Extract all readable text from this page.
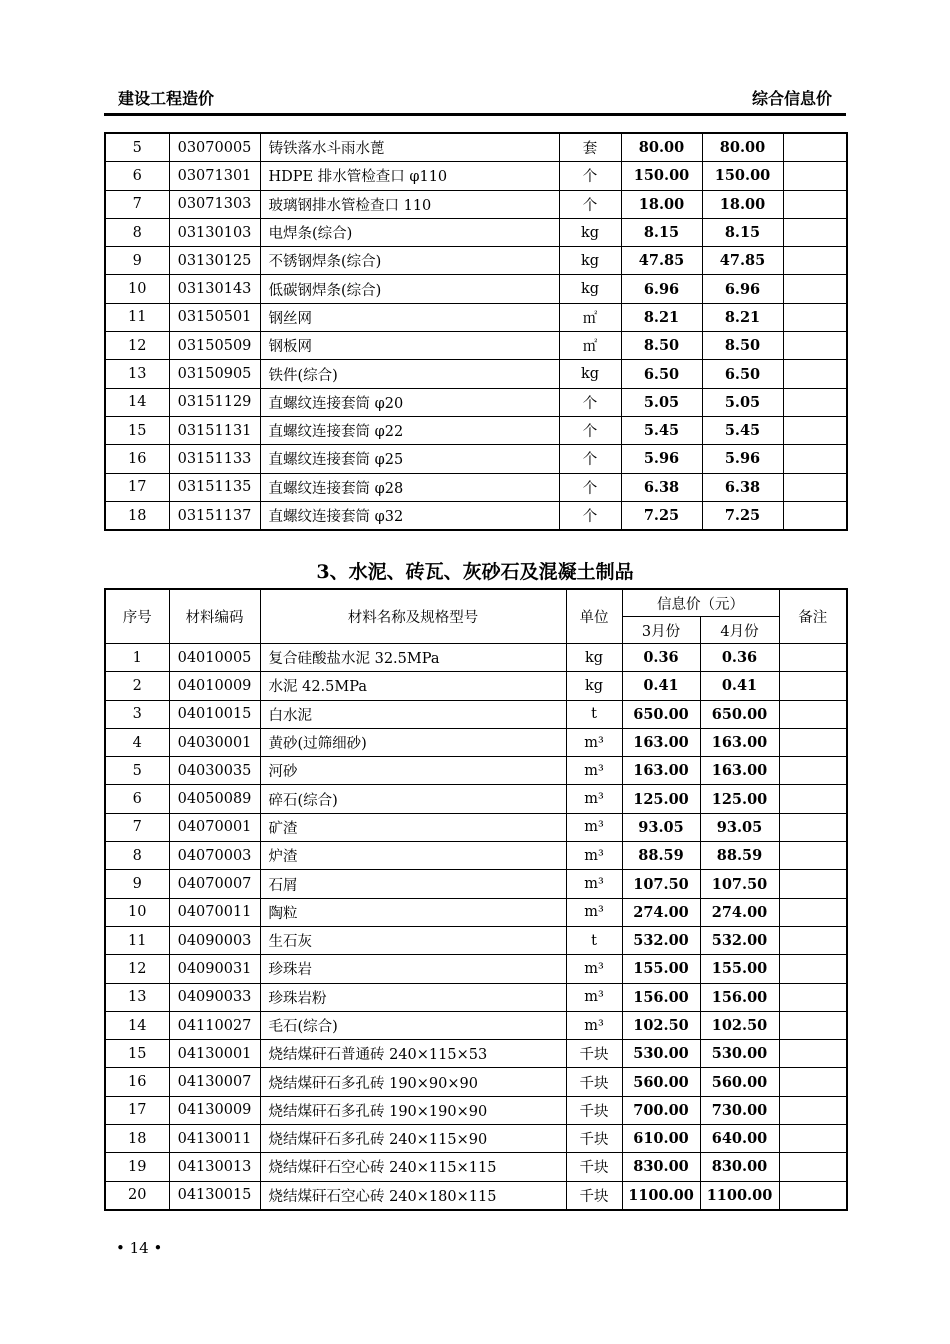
建设工程造价	综合信息价
5	03070005	铸铁落水斗雨水蓖	套	80.00	80.00	
6	03071301	HDPE 排水管检查口 φ110	个	150.00	150.00	
7	03071303	玻璃钢排水管检查口 110	个	18.00	18.00	
8	03130103	电焊条(综合)	kg	8.15	8.15	
9	03130125	不锈钢焊条(综合)	kg	47.85	47.85	
10	03130143	低碳钢焊条(综合)	kg	6.96	6.96	
11	03150501	钢丝网	㎡	8.21	8.21	
12	03150509	钢板网	㎡	8.50	8.50	
13	03150905	铁件(综合)	kg	6.50	6.50	
14	03151129	直螺纹连接套筒 φ20	个	5.05	5.05	
15	03151131	直螺纹连接套筒 φ22	个	5.45	5.45	
16	03151133	直螺纹连接套筒 φ25	个	5.96	5.96	
17	03151135	直螺纹连接套筒 φ28	个	6.38	6.38	
18	03151137	直螺纹连接套筒 φ32	个	7.25	7.25	
3、水泥、砖瓦、灰砂石及混凝土制品
序号	材料编码	材料名称及规格型号	单位	信息价（元）		备注
				3月份	4月份	
1	04010005	复合硅酸盐水泥 32.5MPa	kg	0.36	0.36	
2	04010009	水泥 42.5MPa	kg	0.41	0.41	
3	04010015	白水泥	t	650.00	650.00	
4	04030001	黄砂(过筛细砂)	m³	163.00	163.00	
5	04030035	河砂	m³	163.00	163.00	
6	04050089	碎石(综合)	m³	125.00	125.00	
7	04070001	矿渣	m³	93.05	93.05	
8	04070003	炉渣	m³	88.59	88.59	
9	04070007	石屑	m³	107.50	107.50	
10	04070011	陶粒	m³	274.00	274.00	
11	04090003	生石灰	t	532.00	532.00	
12	04090031	珍珠岩	m³	155.00	155.00	
13	04090033	珍珠岩粉	m³	156.00	156.00	
14	04110027	毛石(综合)	m³	102.50	102.50	
15	04130001	烧结煤矸石普通砖 240×115×53	千块	530.00	530.00	
16	04130007	烧结煤矸石多孔砖 190×90×90	千块	560.00	560.00	
17	04130009	烧结煤矸石多孔砖 190×190×90	千块	700.00	730.00	
18	04130011	烧结煤矸石多孔砖 240×115×90	千块	610.00	640.00	
19	04130013	烧结煤矸石空心砖 240×115×115	千块	830.00	830.00	
20	04130015	烧结煤矸石空心砖 240×180×115	千块	1100.00	1100.00	
• 14 •
